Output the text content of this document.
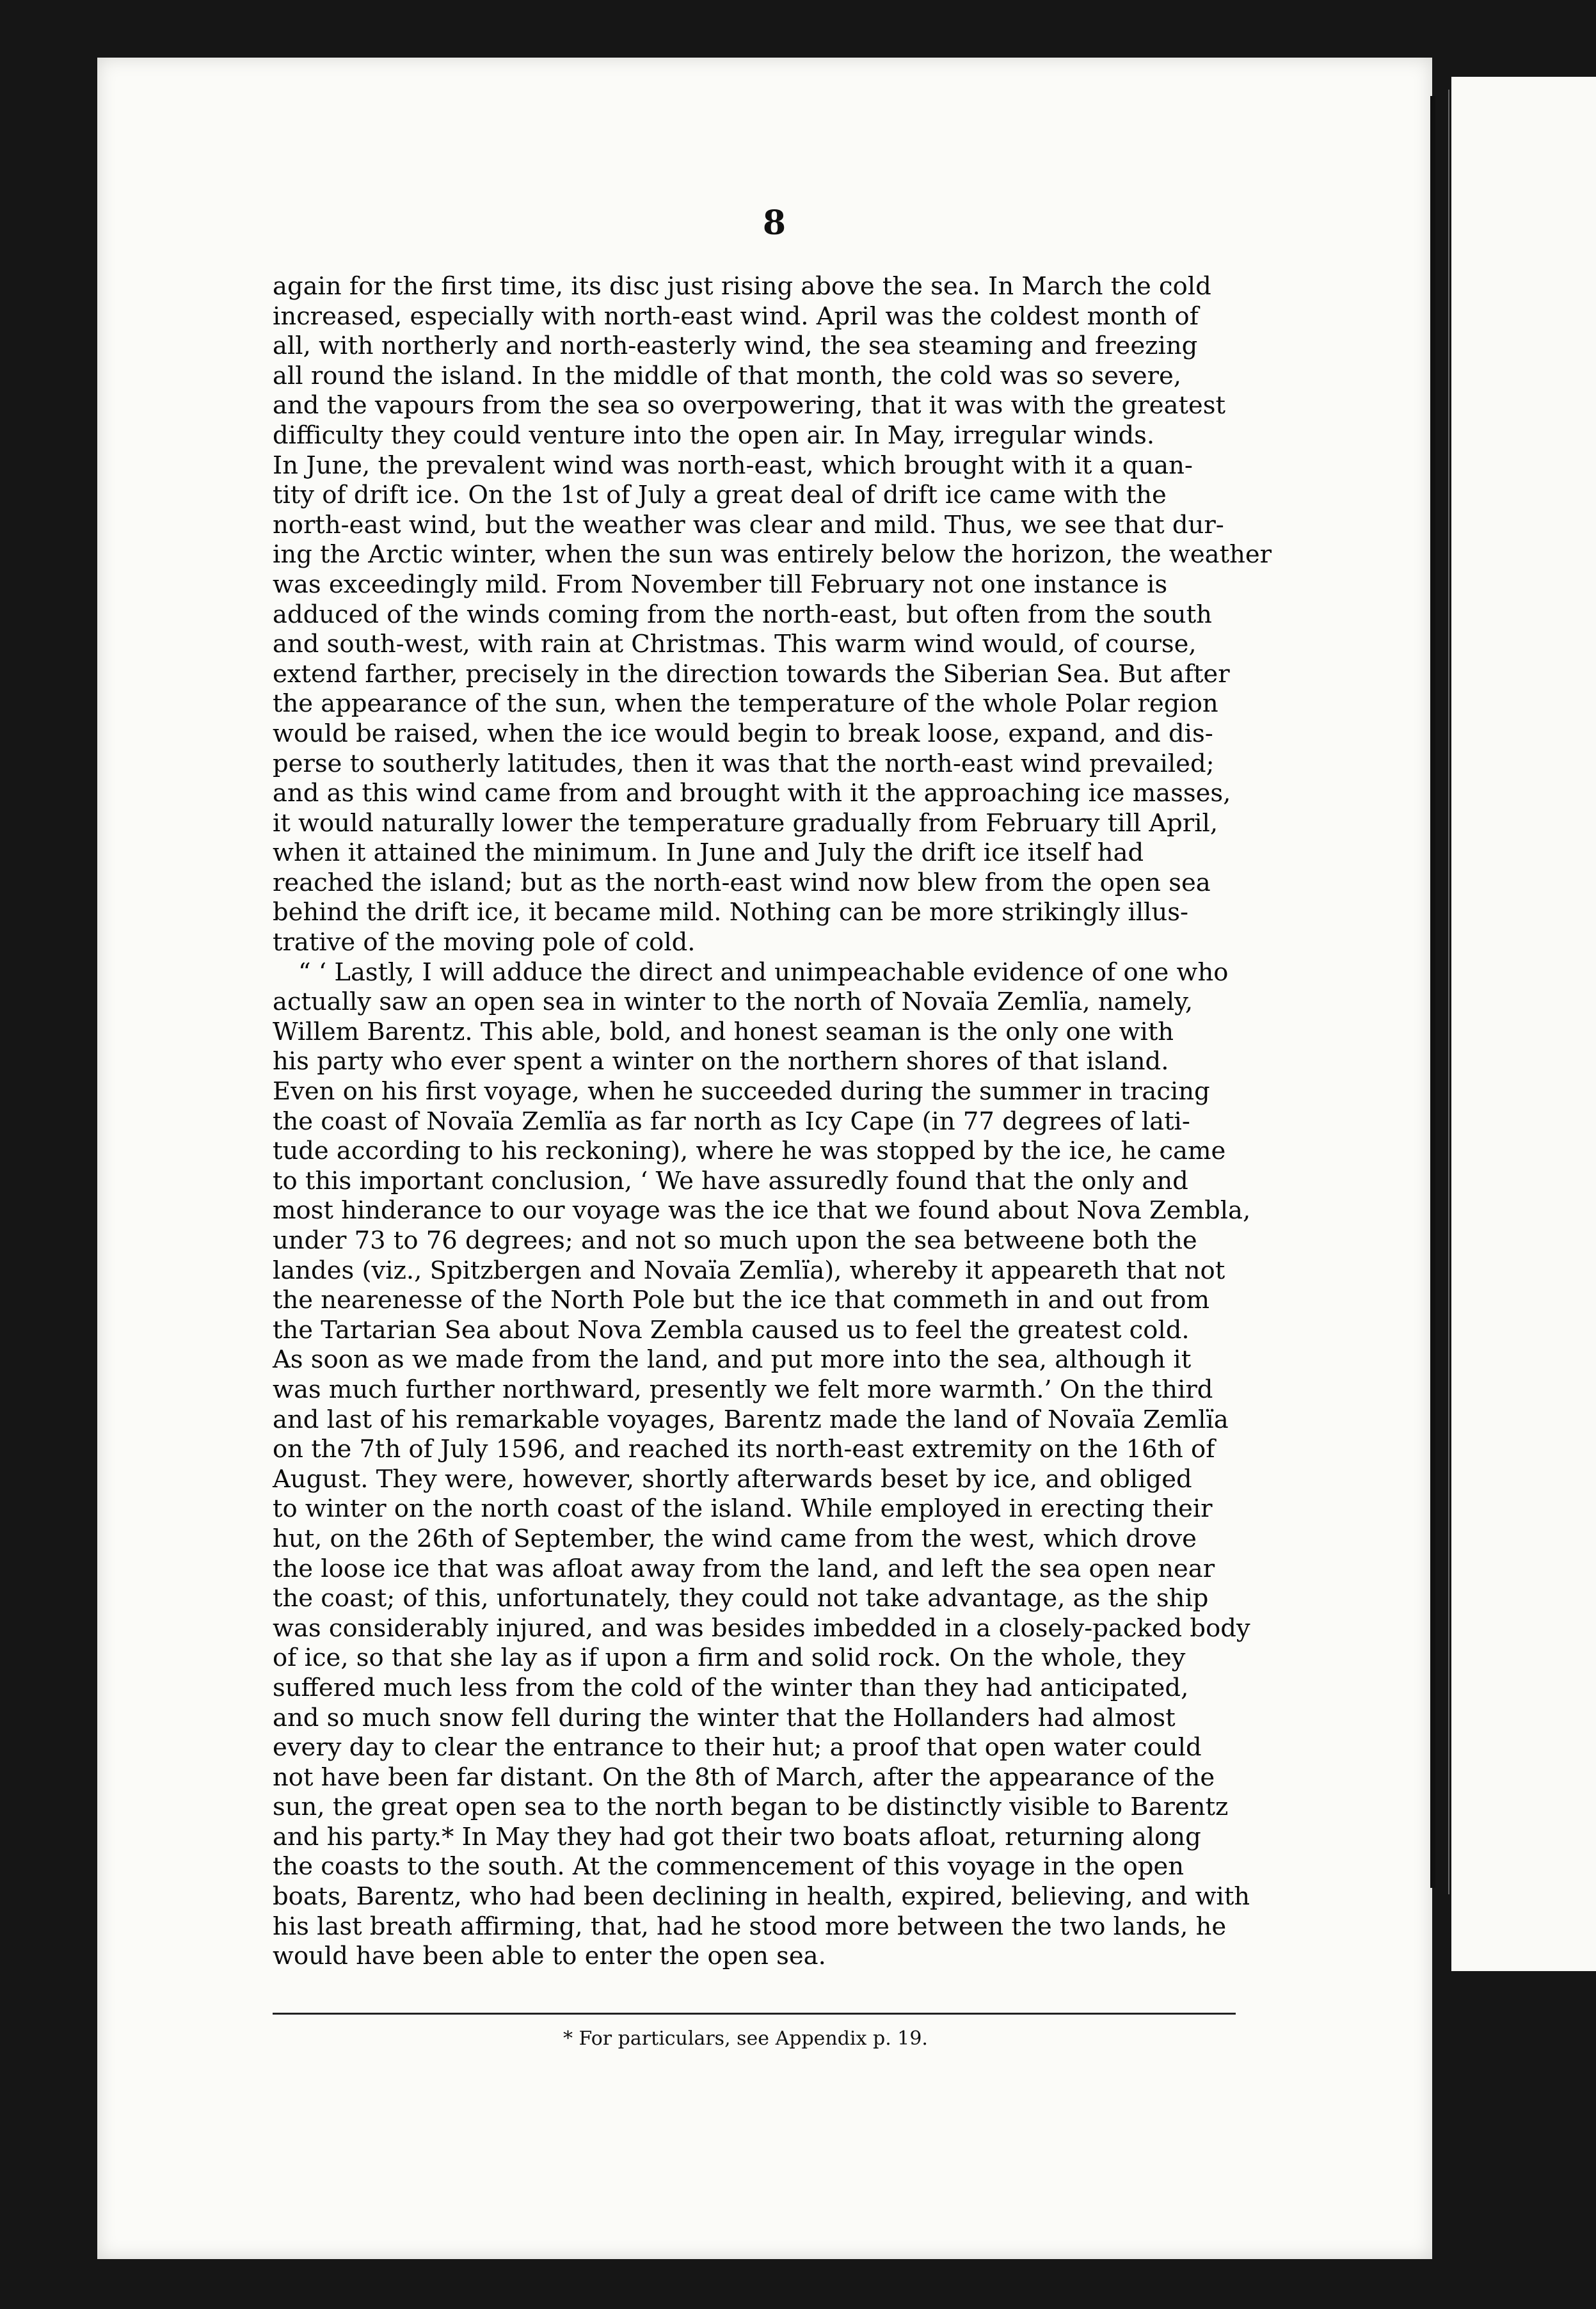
8
again for the first time, its disc just rising above the sea. In March the cold
increased, especially with north-east wind. April was the coldest month of
all, with northerly and north-easterly wind, the sea steaming and freezing
all round the island. In the middle of that month, the cold was so severe,
and the vapours from the sea so overpowering, that it was with the greatest
difficulty they could venture into the open air. In May, irregular winds.
In June, the prevalent wind was north-east, which brought with it a quan-
tity of drift ice. On the 1st of July a great deal of drift ice came with the
north-east wind, but the weather was clear and mild. Thus, we see that dur-
ing the Arctic winter, when the sun was entirely below the horizon, the weather
was exceedingly mild. From November till February not one instance is
adduced of the winds coming from the north-east, but often from the south
and south-west, with rain at Christmas. This warm wind would, of course,
extend farther, precisely in the direction towards the Siberian Sea. But after
the appearance of the sun, when the temperature of the whole Polar region
would be raised, when the ice would begin to break loose, expand, and dis-
perse to southerly latitudes, then it was that the north-east wind prevailed;
and as this wind came from and brought with it the approaching ice masses,
it would naturally lower the temperature gradually from February till April,
when it attained the minimum. In June and July the drift ice itself had
reached the island; but as the north-east wind now blew from the open sea
behind the drift ice, it became mild. Nothing can be more strikingly illus-
trative of the moving pole of cold.
“ ‘ Lastly, I will adduce the direct and unimpeachable evidence of one who
actually saw an open sea in winter to the north of Novaïa Zemlïa, namely,
Willem Barentz. This able, bold, and honest seaman is the only one with
his party who ever spent a winter on the northern shores of that island.
Even on his first voyage, when he succeeded during the summer in tracing
the coast of Novaïa Zemlïa as far north as Icy Cape (in 77 degrees of lati-
tude according to his reckoning), where he was stopped by the ice, he came
to this important conclusion, ‘ We have assuredly found that the only and
most hinderance to our voyage was the ice that we found about Nova Zembla,
under 73 to 76 degrees; and not so much upon the sea betweene both the
landes (viz., Spitzbergen and Novaïa Zemlïa), whereby it appeareth that not
the nearenesse of the North Pole but the ice that commeth in and out from
the Tartarian Sea about Nova Zembla caused us to feel the greatest cold.
As soon as we made from the land, and put more into the sea, although it
was much further northward, presently we felt more warmth.’ On the third
and last of his remarkable voyages, Barentz made the land of Novaïa Zemlïa
on the 7th of July 1596, and reached its north-east extremity on the 16th of
August. They were, however, shortly afterwards beset by ice, and obliged
to winter on the north coast of the island. While employed in erecting their
hut, on the 26th of September, the wind came from the west, which drove
the loose ice that was afloat away from the land, and left the sea open near
the coast; of this, unfortunately, they could not take advantage, as the ship
was considerably injured, and was besides imbedded in a closely-packed body
of ice, so that she lay as if upon a firm and solid rock. On the whole, they
suffered much less from the cold of the winter than they had anticipated,
and so much snow fell during the winter that the Hollanders had almost
every day to clear the entrance to their hut; a proof that open water could
not have been far distant. On the 8th of March, after the appearance of the
sun, the great open sea to the north began to be distinctly visible to Barentz
and his party.* In May they had got their two boats afloat, returning along
the coasts to the south. At the commencement of this voyage in the open
boats, Barentz, who had been declining in health, expired, believing, and with
his last breath affirming, that, had he stood more between the two lands, he
would have been able to enter the open sea.
* For particulars, see Appendix p. 19.
